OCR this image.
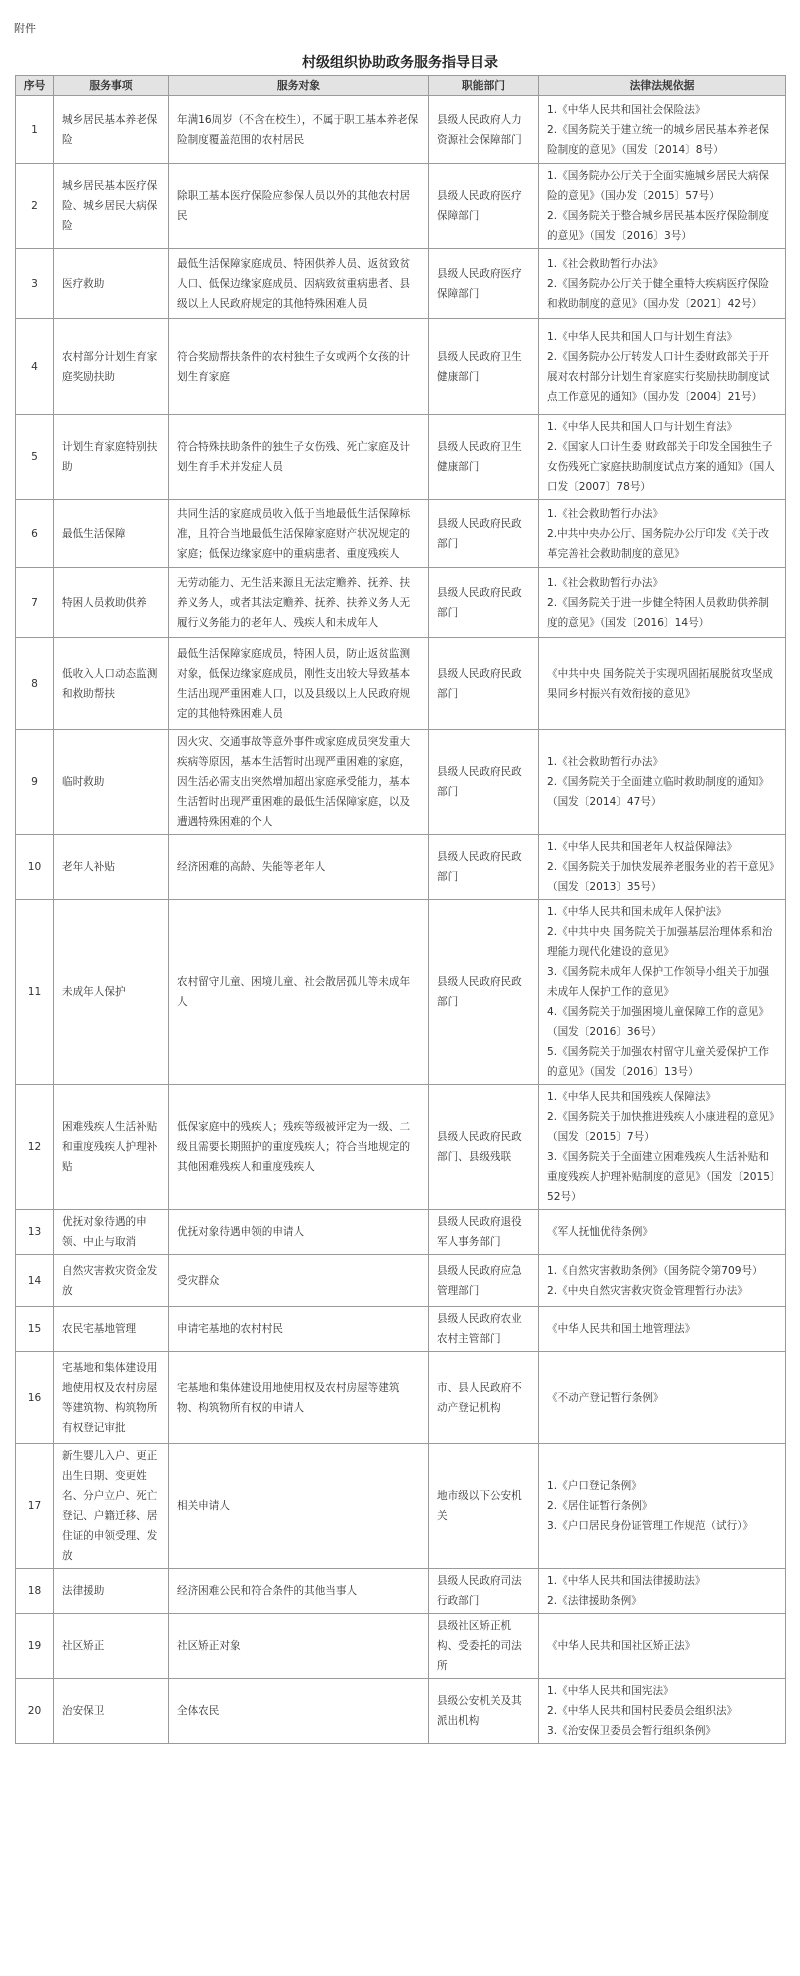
附件
村级组织协助政务服务指导目录
序号	服务事项	服务对象	职能部门	法律法规依据
1	城乡居民基本养老保险	年满16周岁（不含在校生），不属于职工基本养老保险制度覆盖范围的农村居民	县级人民政府人力资源社会保障部门	1.《中华人民共和国社会保险法》
2.《国务院关于建立统一的城乡居民基本养老保险制度的意见》（国发〔2014〕8号）

2	城乡居民基本医疗保险、城乡居民大病保险	除职工基本医疗保险应参保人员以外的其他农村居民	县级人民政府医疗保障部门	1.《国务院办公厅关于全面实施城乡居民大病保险的意见》（国办发〔2015〕57号）
2.《国务院关于整合城乡居民基本医疗保险制度的意见》（国发〔2016〕3号）

3	医疗救助	最低生活保障家庭成员、特困供养人员、返贫致贫人口、低保边缘家庭成员、因病致贫重病患者、县级以上人民政府规定的其他特殊困难人员	县级人民政府医疗保障部门	1.《社会救助暂行办法》
2.《国务院办公厅关于健全重特大疾病医疗保险和救助制度的意见》（国办发〔2021〕42号）

4	农村部分计划生育家庭奖励扶助	符合奖励帮扶条件的农村独生子女或两个女孩的计划生育家庭	县级人民政府卫生健康部门	1.《中华人民共和国人口与计划生育法》
2.《国务院办公厅转发人口计生委财政部关于开展对农村部分计划生育家庭实行奖励扶助制度试点工作意见的通知》（国办发〔2004〕21号）

5	计划生育家庭特别扶助	符合特殊扶助条件的独生子女伤残、死亡家庭及计划生育手术并发症人员	县级人民政府卫生健康部门	1.《中华人民共和国人口与计划生育法》
2.《国家人口计生委 财政部关于印发全国独生子女伤残死亡家庭扶助制度试点方案的通知》（国人口发〔2007〕78号）

6	最低生活保障	共同生活的家庭成员收入低于当地最低生活保障标准，且符合当地最低生活保障家庭财产状况规定的家庭；低保边缘家庭中的重病患者、重度残疾人	县级人民政府民政部门	1.《社会救助暂行办法》
2.中共中央办公厅、国务院办公厅印发《关于改革完善社会救助制度的意见》

7	特困人员救助供养	无劳动能力、无生活来源且无法定赡养、抚养、扶养义务人，或者其法定赡养、抚养、扶养义务人无履行义务能力的老年人、残疾人和未成年人	县级人民政府民政部门	1.《社会救助暂行办法》
2.《国务院关于进一步健全特困人员救助供养制度的意见》（国发〔2016〕14号）

8	低收入人口动态监测和救助帮扶	最低生活保障家庭成员，特困人员，防止返贫监测对象，低保边缘家庭成员，刚性支出较大导致基本生活出现严重困难人口，以及县级以上人民政府规定的其他特殊困难人员	县级人民政府民政部门	《中共中央 国务院关于实现巩固拓展脱贫攻坚成果同乡村振兴有效衔接的意见》

9	临时救助	因火灾、交通事故等意外事件或家庭成员突发重大疾病等原因，基本生活暂时出现严重困难的家庭，因生活必需支出突然增加超出家庭承受能力，基本生活暂时出现严重困难的最低生活保障家庭，以及遭遇特殊困难的个人	县级人民政府民政部门	1.《社会救助暂行办法》
2.《国务院关于全面建立临时救助制度的通知》（国发〔2014〕47号）

10	老年人补贴	经济困难的高龄、失能等老年人	县级人民政府民政部门	1.《中华人民共和国老年人权益保障法》
2.《国务院关于加快发展养老服务业的若干意见》（国发〔2013〕35号）

11	未成年人保护	农村留守儿童、困境儿童、社会散居孤儿等未成年人	县级人民政府民政部门	1.《中华人民共和国未成年人保护法》
2.《中共中央 国务院关于加强基层治理体系和治理能力现代化建设的意见》
3.《国务院未成年人保护工作领导小组关于加强未成年人保护工作的意见》
4.《国务院关于加强困境儿童保障工作的意见》（国发〔2016〕36号）
5.《国务院关于加强农村留守儿童关爱保护工作的意见》（国发〔2016〕13号）

12	困难残疾人生活补贴和重度残疾人护理补贴	低保家庭中的残疾人；残疾等级被评定为一级、二级且需要长期照护的重度残疾人；符合当地规定的其他困难残疾人和重度残疾人	县级人民政府民政部门、县级残联	1.《中华人民共和国残疾人保障法》
2.《国务院关于加快推进残疾人小康进程的意见》（国发〔2015〕7号）
3.《国务院关于全面建立困难残疾人生活补贴和重度残疾人护理补贴制度的意见》（国发〔2015〕52号）

13	优抚对象待遇的申领、中止与取消	优抚对象待遇申领的申请人	县级人民政府退役军人事务部门	《军人抚恤优待条例》

14	自然灾害救灾资金发放	受灾群众	县级人民政府应急管理部门	1.《自然灾害救助条例》（国务院令第709号）
2.《中央自然灾害救灾资金管理暂行办法》

15	农民宅基地管理	申请宅基地的农村村民	县级人民政府农业农村主管部门	《中华人民共和国土地管理法》

16	宅基地和集体建设用地使用权及农村房屋等建筑物、构筑物所有权登记审批	宅基地和集体建设用地使用权及农村房屋等建筑物、构筑物所有权的申请人	市、县人民政府不动产登记机构	《不动产登记暂行条例》

17	新生婴儿入户、更正出生日期、变更姓名、分户立户、死亡登记、户籍迁移、居住证的申领受理、发放	相关申请人	地市级以下公安机关	1.《户口登记条例》
2.《居住证暂行条例》
3.《户口居民身份证管理工作规范（试行）》

18	法律援助	经济困难公民和符合条件的其他当事人	县级人民政府司法行政部门	1.《中华人民共和国法律援助法》
2.《法律援助条例》

19	社区矫正	社区矫正对象	县级社区矫正机构、受委托的司法所	《中华人民共和国社区矫正法》

20	治安保卫	全体农民	县级公安机关及其派出机构	1.《中华人民共和国宪法》
2.《中华人民共和国村民委员会组织法》
3.《治安保卫委员会暂行组织条例》
